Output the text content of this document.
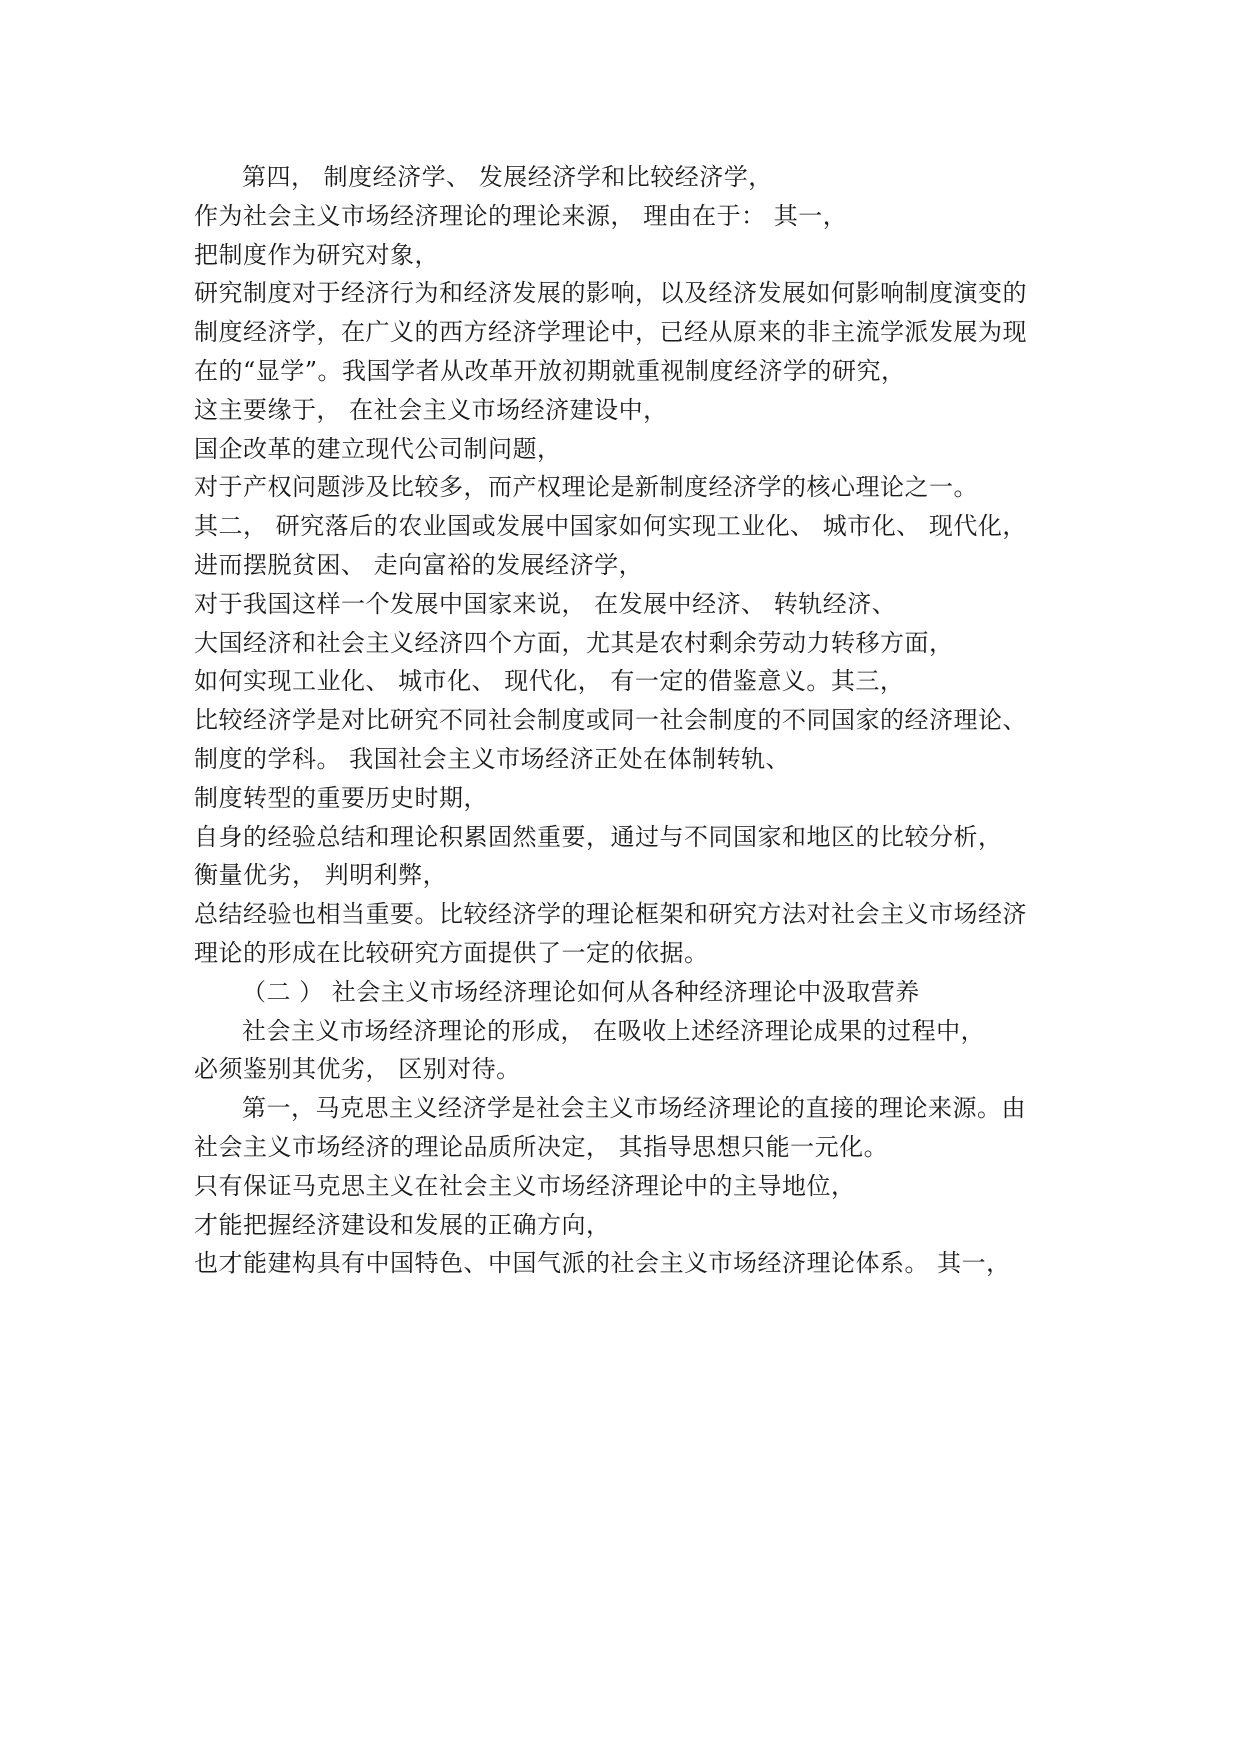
第四， 制度经济学、 发展经济学和比较经济学，

作为社会主义市场经济理论的理论来源， 理由在于： 其一，

把制度作为研究对象，

研究制度对于经济行为和经济发展的影响，以及经济发展如何影响制度演变的

制度经济学，在广义的西方经济学理论中，已经从原来的非主流学派发展为现

在的“显学”。我国学者从改革开放初期就重视制度经济学的研究，

这主要缘于， 在社会主义市场经济建设中，

国企改革的建立现代公司制问题，

对于产权问题涉及比较多，而产权理论是新制度经济学的核心理论之一。

其二， 研究落后的农业国或发展中国家如何实现工业化、 城市化、 现代化，

进而摆脱贫困、 走向富裕的发展经济学，

对于我国这样一个发展中国家来说， 在发展中经济、 转轨经济、

大国经济和社会主义经济四个方面，尤其是农村剩余劳动力转移方面，

如何实现工业化、 城市化、 现代化， 有一定的借鉴意义。其三，

比较经济学是对比研究不同社会制度或同一社会制度的不同国家的经济理论、

制度的学科。 我国社会主义市场经济正处在体制转轨、

制度转型的重要历史时期，

自身的经验总结和理论积累固然重要，通过与不同国家和地区的比较分析，

衡量优劣， 判明利弊，

总结经验也相当重要。比较经济学的理论框架和研究方法对社会主义市场经济

理论的形成在比较研究方面提供了一定的依据。

（二 ） 社会主义市场经济理论如何从各种经济理论中汲取营养

社会主义市场经济理论的形成， 在吸收上述经济理论成果的过程中，

必须鉴别其优劣， 区别对待。

第一，马克思主义经济学是社会主义市场经济理论的直接的理论来源。由

社会主义市场经济的理论品质所决定， 其指导思想只能一元化。

只有保证马克思主义在社会主义市场经济理论中的主导地位，

才能把握经济建设和发展的正确方向，

也才能建构具有中国特色、中国气派的社会主义市场经济理论体系。 其一，
